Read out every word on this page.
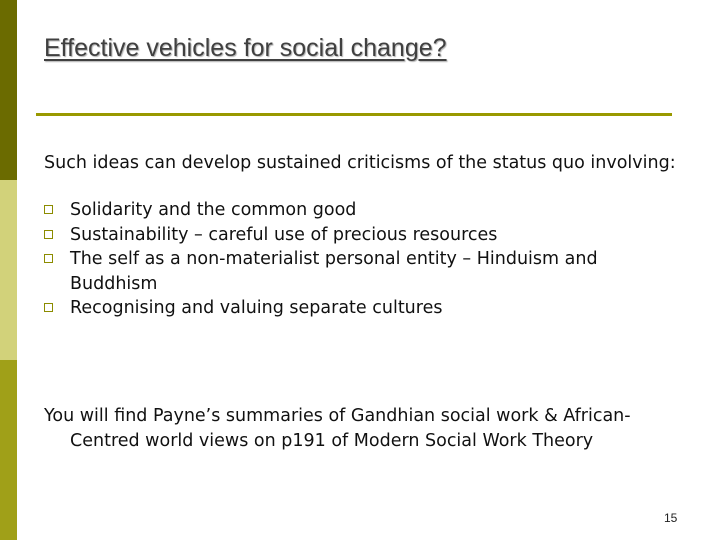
Effective vehicles for social change?

Such ideas can develop sustained criticisms of the status quo involving:

Solidarity and the common good
Sustainability – careful use of precious resources
The self as a non-materialist personal entity – Hinduism and Buddhism
Recognising and valuing separate cultures

You will find Payne’s summaries of Gandhian social work & African- Centred world views on p191 of Modern Social Work Theory

15
